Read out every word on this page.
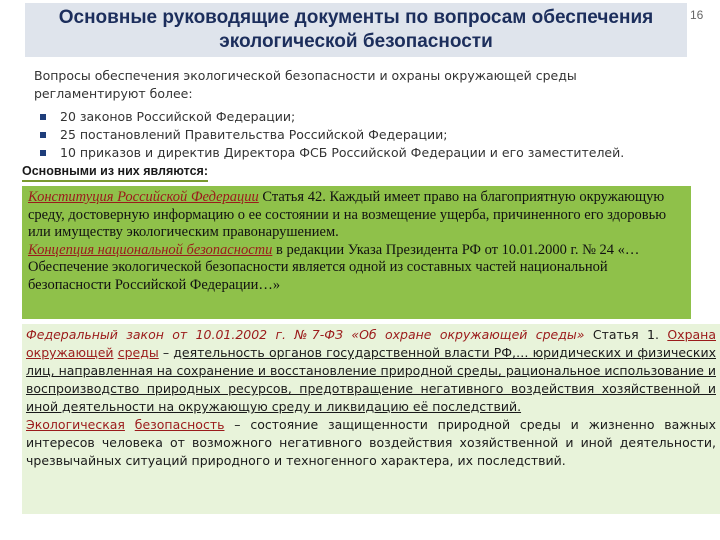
Основные руководящие документы по вопросам обеспечения экологической безопасности
16
Вопросы обеспечения экологической безопасности и охраны окружающей среды регламентируют более:
20 законов Российской Федерации;
25 постановлений Правительства Российской Федерации;
10 приказов и директив Директора ФСБ Российской Федерации и его заместителей.
Основными из них являются:

Конституция Российской Федерации Статья 42. Каждый имеет право на благоприятную окружающую среду, достоверную информацию о ее состоянии и на возмещение ущерба, причиненного его здоровью или имуществу экологическим правонарушением.

Концепция национальной безопасности в редакции Указа Президента РФ от 10.01.2000 г. № 24 «…Обеспечение экологической безопасности является одной из составных частей национальной безопасности Российской Федерации…»

Федеральный закон от 10.01.2002 г. №7-ФЗ «Об охране окружающей среды» Статья 1. Охрана окружающей среды – деятельность органов государственной власти РФ,… юридических и физических лиц, направленная на сохранение и восстановление природной среды, рациональное использование и воспроизводство природных ресурсов, предотвращение негативного воздействия хозяйственной и иной деятельности на окружающую среду и ликвидацию её последствий.

Экологическая безопасность – состояние защищенности природной среды и жизненно важных интересов человека от возможного негативного воздействия хозяйственной и иной деятельности, чрезвычайных ситуаций природного и техногенного характера, их последствий.
